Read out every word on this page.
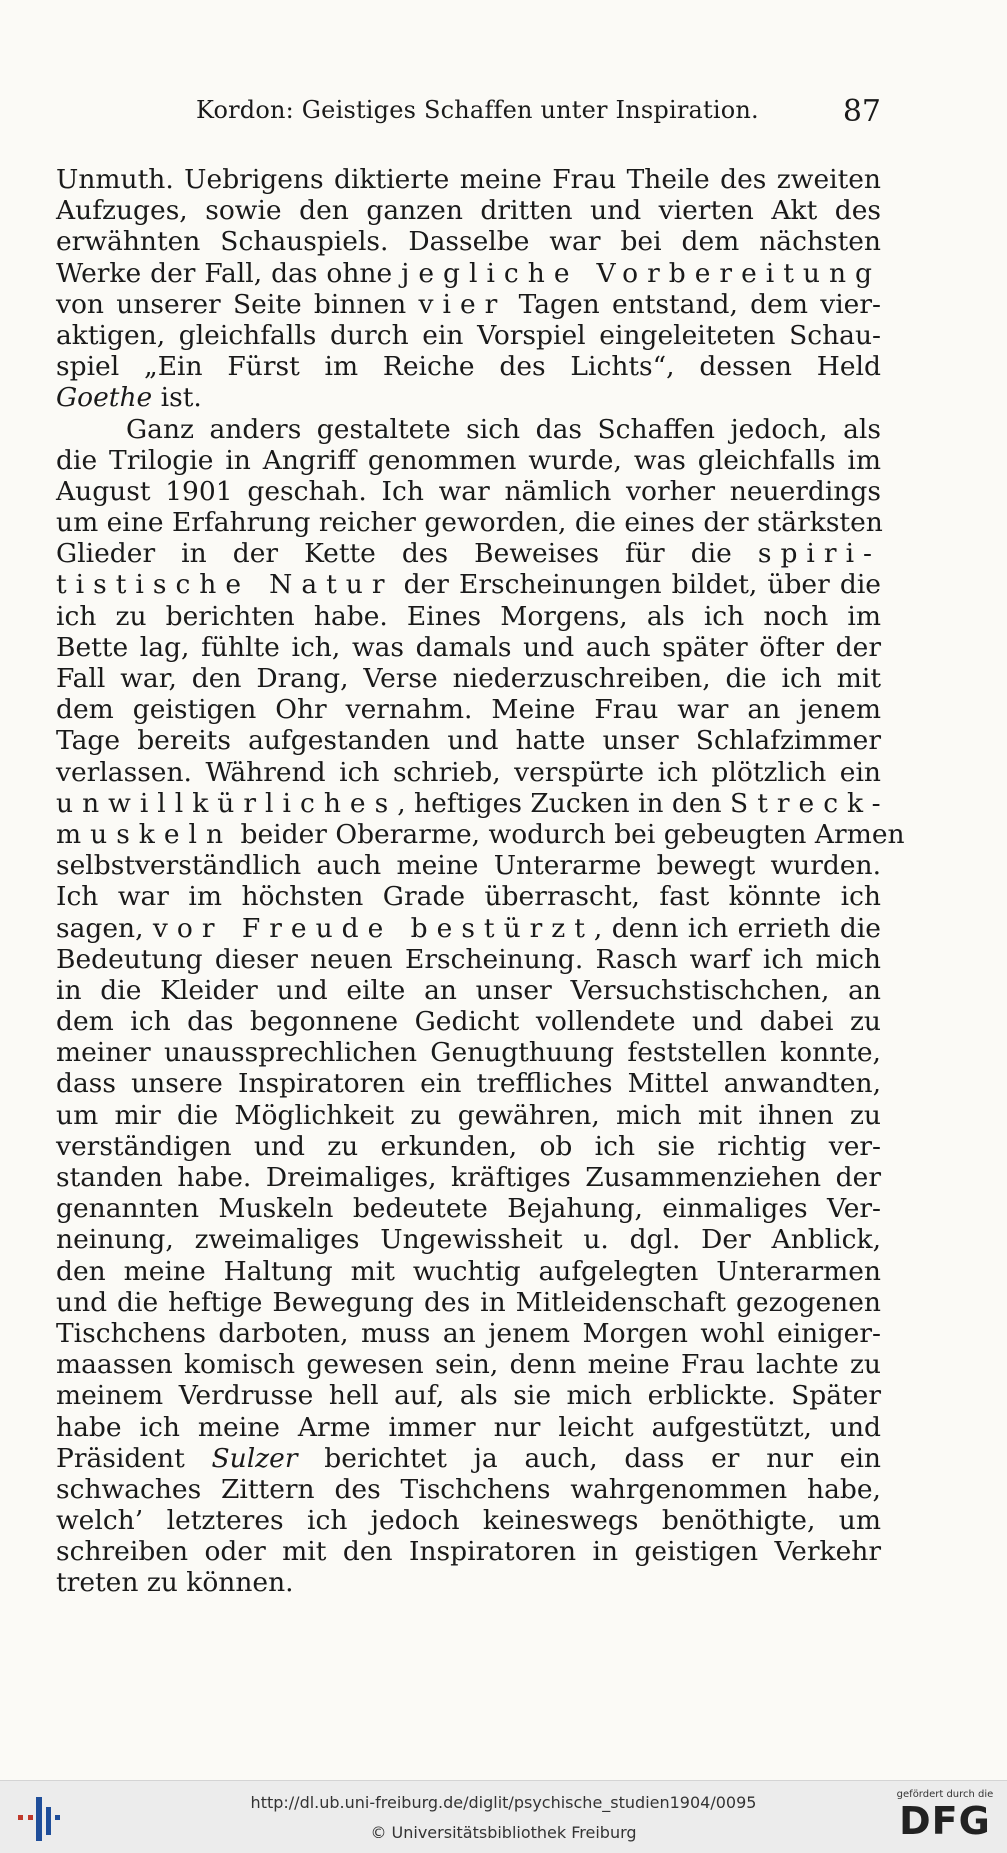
Kordon: Geistiges Schaffen unter Inspiration.	87
Unmuth. Uebrigens diktierte meine Frau Theile des zweiten
Aufzuges, sowie den ganzen dritten und vierten Akt des
erwähnten Schauspiels. Dasselbe war bei dem nächsten
Werke der Fall, das ohne jegliche Vorbereitung
von unserer Seite binnen vier Tagen entstand, dem vier-
aktigen, gleichfalls durch ein Vorspiel eingeleiteten Schau-
spiel „Ein Fürst im Reiche des Lichts“, dessen Held
Goethe ist.
Ganz anders gestaltete sich das Schaffen jedoch, als
die Trilogie in Angriff genommen wurde, was gleichfalls im
August 1901 geschah. Ich war nämlich vorher neuerdings
um eine Erfahrung reicher geworden, die eines der stärksten
Glieder in der Kette des Beweises für die spiri-
tistische Natur der Erscheinungen bildet, über die
ich zu berichten habe. Eines Morgens, als ich noch im
Bette lag, fühlte ich, was damals und auch später öfter der
Fall war, den Drang, Verse niederzuschreiben, die ich mit
dem geistigen Ohr vernahm. Meine Frau war an jenem
Tage bereits aufgestanden und hatte unser Schlafzimmer
verlassen. Während ich schrieb, verspürte ich plötzlich ein
unwillkürliches, heftiges Zucken in den Streck-
muskeln beider Oberarme, wodurch bei gebeugten Armen
selbstverständlich auch meine Unterarme bewegt wurden.
Ich war im höchsten Grade überrascht, fast könnte ich
sagen, vor Freude bestürzt, denn ich errieth die
Bedeutung dieser neuen Erscheinung. Rasch warf ich mich
in die Kleider und eilte an unser Versuchstischchen, an
dem ich das begonnene Gedicht vollendete und dabei zu
meiner unaussprechlichen Genugthuung feststellen konnte,
dass unsere Inspiratoren ein treffliches Mittel anwandten,
um mir die Möglichkeit zu gewähren, mich mit ihnen zu
verständigen und zu erkunden, ob ich sie richtig ver-
standen habe. Dreimaliges, kräftiges Zusammenziehen der
genannten Muskeln bedeutete Bejahung, einmaliges Ver-
neinung, zweimaliges Ungewissheit u. dgl. Der Anblick,
den meine Haltung mit wuchtig aufgelegten Unterarmen
und die heftige Bewegung des in Mitleidenschaft gezogenen
Tischchens darboten, muss an jenem Morgen wohl einiger-
maassen komisch gewesen sein, denn meine Frau lachte zu
meinem Verdrusse hell auf, als sie mich erblickte. Später
habe ich meine Arme immer nur leicht aufgestützt, und
Präsident Sulzer berichtet ja auch, dass er nur ein
schwaches Zittern des Tischchens wahrgenommen habe,
welch’ letzteres ich jedoch keineswegs benöthigte, um
schreiben oder mit den Inspiratoren in geistigen Verkehr
treten zu können.
http://dl.ub.uni-freiburg.de/diglit/psychische_studien1904/0095
© Universitätsbibliothek Freiburg
gefördert durch die
DFG
